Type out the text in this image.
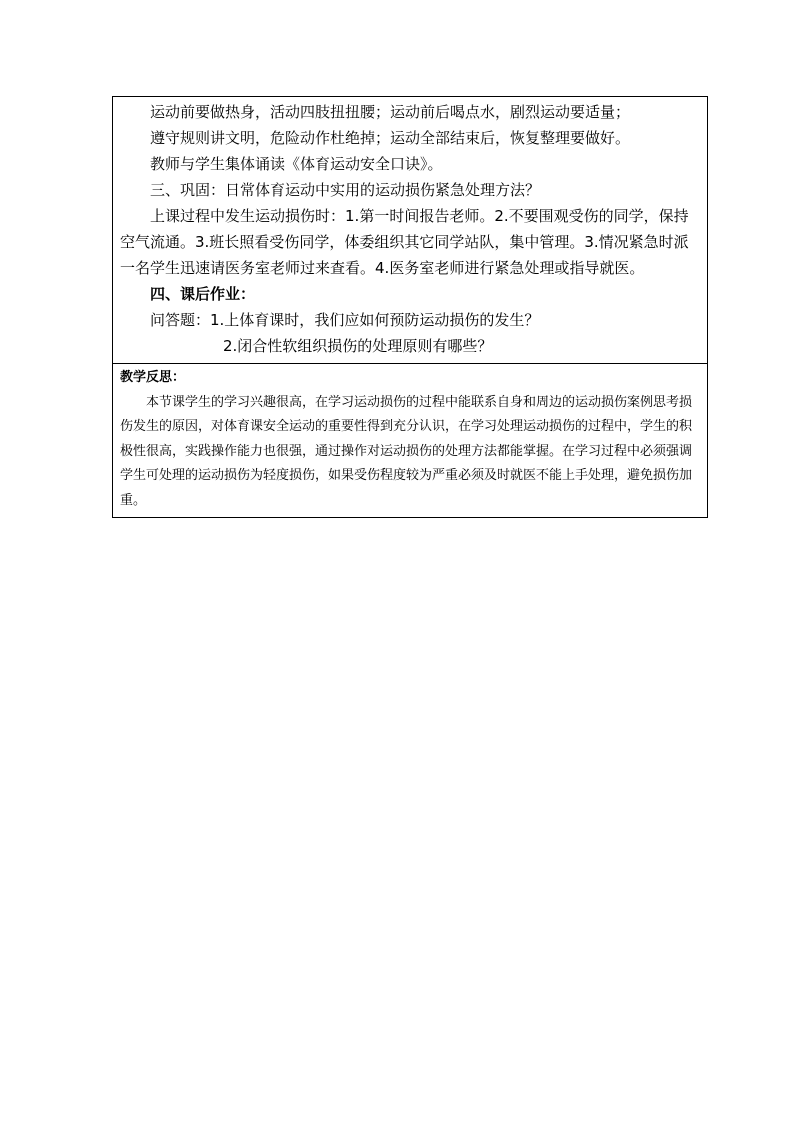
运动前要做热身，活动四肢扭扭腰；运动前后喝点水，剧烈运动要适量；

遵守规则讲文明，危险动作杜绝掉；运动全部结束后，恢复整理要做好。

教师与学生集体诵读《体育运动安全口诀》。

三、巩固：日常体育运动中实用的运动损伤紧急处理方法？

上课过程中发生运动损伤时：1.第一时间报告老师。2.不要围观受伤的同学，保持空气流通。3.班长照看受伤同学，体委组织其它同学站队，集中管理。3.情况紧急时派一名学生迅速请医务室老师过来查看。4.医务室老师进行紧急处理或指导就医。

四、课后作业：

问答题：1.上体育课时，我们应如何预防运动损伤的发生？

2.闭合性软组织损伤的处理原则有哪些？

教学反思：

本节课学生的学习兴趣很高，在学习运动损伤的过程中能联系自身和周边的运动损伤案例思考损伤发生的原因，对体育课安全运动的重要性得到充分认识，在学习处理运动损伤的过程中，学生的积极性很高，实践操作能力也很强，通过操作对运动损伤的处理方法都能掌握。在学习过程中必须强调学生可处理的运动损伤为轻度损伤，如果受伤程度较为严重必须及时就医不能上手处理，避免损伤加重。
